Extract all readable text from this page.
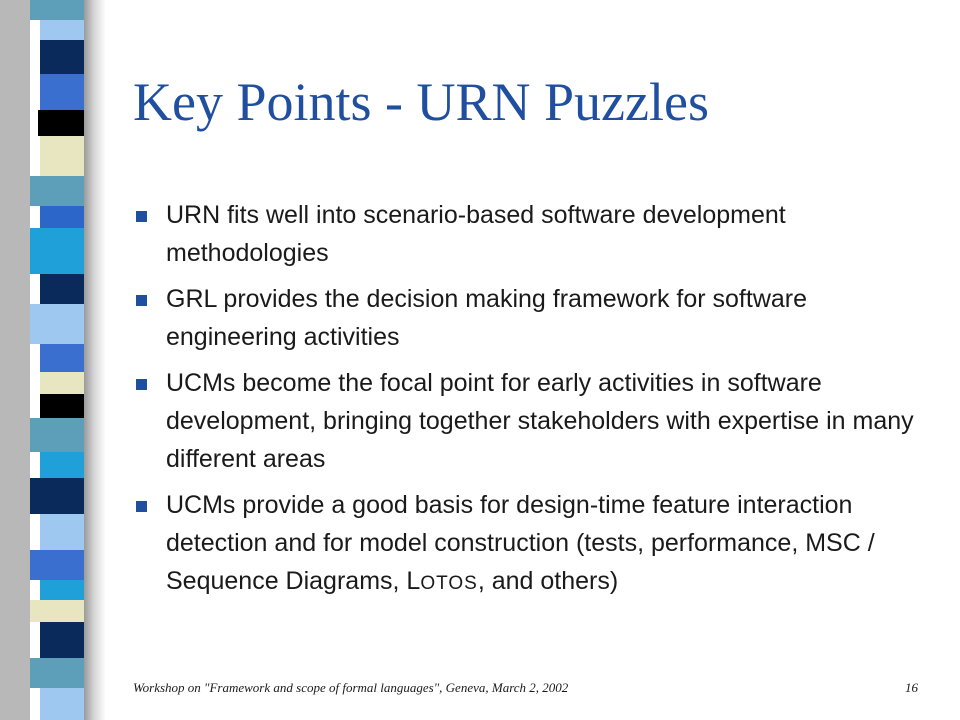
Key Points - URN Puzzles
URN fits well into scenario-based software development methodologies
GRL provides the decision making framework for software engineering activities
UCMs become the focal point for early activities in software development, bringing together stakeholders with expertise in many different areas
UCMs provide a good basis for design-time feature interaction detection and for model construction (tests, performance, MSC / Sequence Diagrams, LOTOS, and others)
Workshop on "Framework and scope of formal languages", Geneva, March 2, 2002	16
